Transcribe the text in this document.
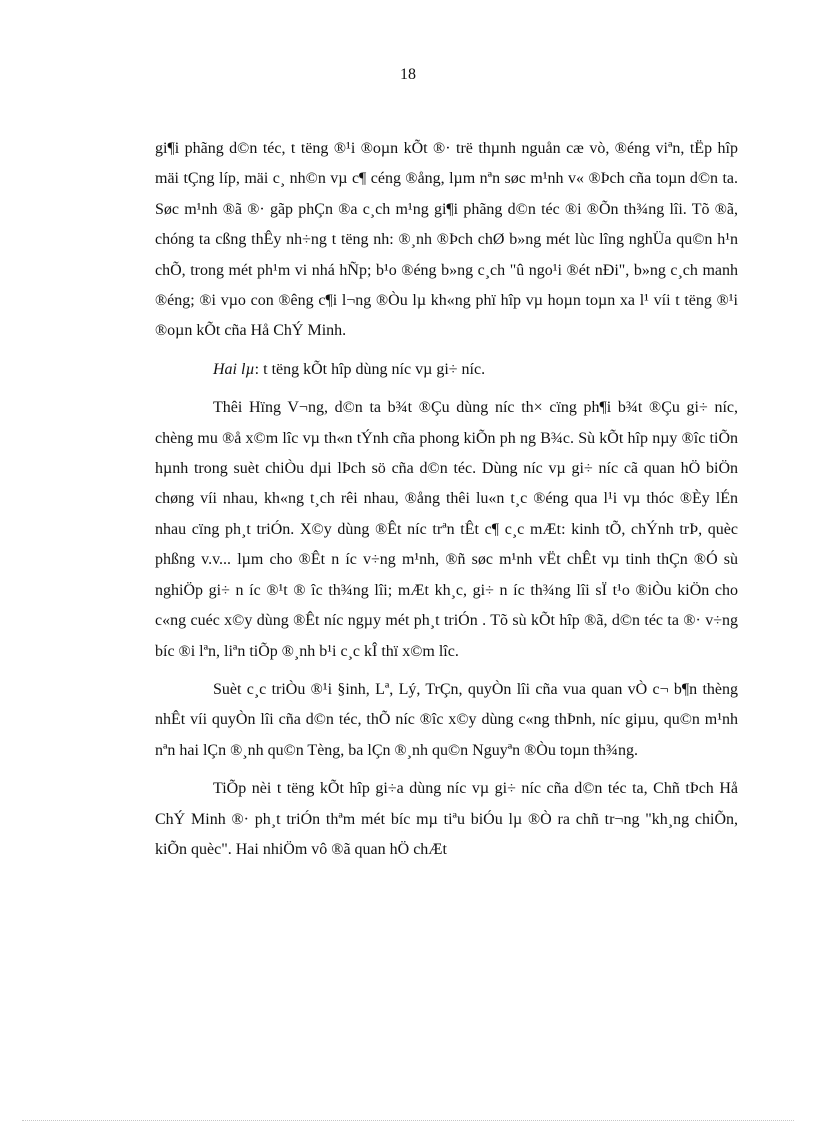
18

gi¶i phãng d©n téc, t tëng ®¹i ®oµn kÕt ®· trë thµnh nguån cæ vò, ®éng viªn, tËp hîp mäi tÇng líp, mäi c¸ nh©n vµ c¶ céng ®ång, lµm nªn søc m¹nh v« ®Þch cña toµn d©n ta. Søc m¹nh ®ã ®· gãp phÇn ®a c¸ch m¹ng gi¶i phãng d©n téc ®i ®Õn th¾ng lîi. Tõ ®ã, chóng ta cßng thÊy nh÷ng t tëng nh: ®¸nh ®Þch chØ b»ng mét lùc lîng nghÜa qu©n h¹n chÕ, trong mét ph¹m vi nhá hÑp; b¹o ®éng b»ng c¸ch "û ngo¹i ®ét nÐi", b»ng c¸ch manh ®éng; ®i vµo con ®êng c¶i l¬ng ®Òu lµ kh«ng phï hîp vµ hoµn toµn xa l¹ víi t tëng ®¹i ®oµn kÕt cña Hå ChÝ Minh.

Hai lµ: t tëng kÕt hîp dùng níc vµ gi÷ níc.

Thêi Hïng V¬ng, d©n ta b¾t ®Çu dùng níc th× cïng ph¶i b¾t ®Çu gi÷ níc, chèng mu ®å x©m lîc vµ th«n tÝnh cña phong kiÕn ph ng B¾c. Sù kÕt hîp nµy ®îc tiÕn hµnh trong suèt chiÒu dµi lÞch sö cña d©n téc. Dùng níc vµ gi÷ níc cã quan hÖ biÖn chøng víi nhau, kh«ng t¸ch rêi nhau, ®ång thêi lu«n t¸c ®éng qua l¹i vµ thóc ®Èy lÉn nhau cïng ph¸t triÓn. X©y dùng ®Êt níc trªn tÊt c¶ c¸c mÆt: kinh tÕ, chÝnh trÞ, quèc phßng v.v... lµm cho ®Êt n íc v÷ng m¹nh, ®ñ søc m¹nh vËt chÊt vµ tinh thÇn ®Ó sù nghiÖp gi÷ n íc ®¹t ® îc th¾ng lîi; mÆt kh¸c, gi÷ n íc th¾ng lîi sÏ t¹o ®iÒu kiÖn cho c«ng cuéc x©y dùng ®Êt níc ngµy mét ph¸t triÓn . Tõ sù kÕt hîp ®ã, d©n téc ta ®· v÷ng bíc ®i lªn, liªn tiÕp ®¸nh b¹i c¸c kÎ thï x©m lîc.

Suèt c¸c triÒu ®¹i §inh, Lª, Lý, TrÇn, quyÒn lîi cña vua quan vÒ c¬ b¶n thèng nhÊt víi quyÒn lîi cña d©n téc, thÕ níc ®îc x©y dùng c«ng thÞnh, níc giµu, qu©n m¹nh nªn hai lÇn ®¸nh qu©n Tèng, ba lÇn ®¸nh qu©n Nguyªn ®Òu toµn th¾ng.

TiÕp nèi t tëng kÕt hîp gi÷a dùng níc vµ gi÷ níc cña d©n téc ta, Chñ tÞch Hå ChÝ Minh ®· ph¸t triÓn thªm mét bíc mµ tiªu biÓu lµ ®Ò ra chñ tr¬ng "kh¸ng chiÕn, kiÕn quèc". Hai nhiÖm vô ®ã quan hÖ chÆt
